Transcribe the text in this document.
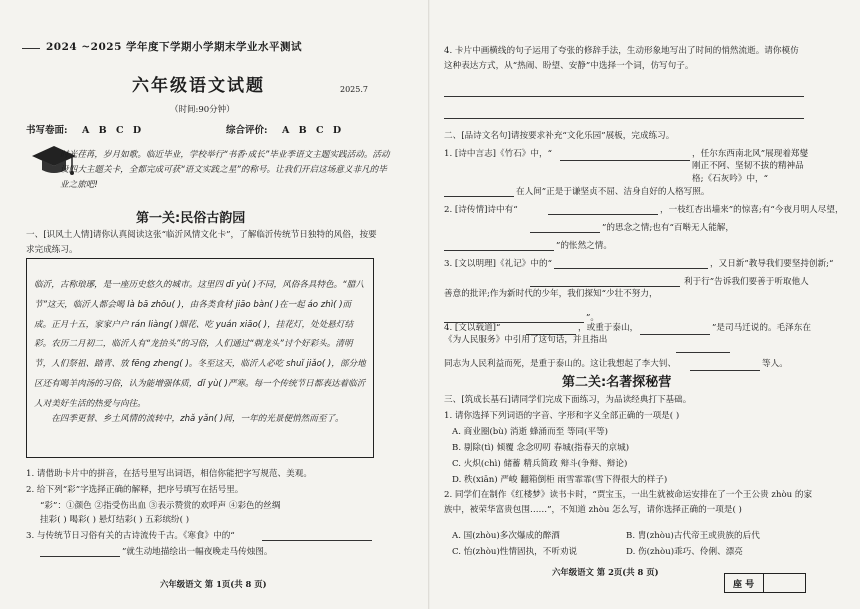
2024 ~2025 学年度下学期小学期末学业水平测试
六年级语文试题	2025.7
（时间:90分钟）
书写卷面: A B C D	综合评价: A B C D
时光荏苒，岁月如歌。临近毕业，学校举行“书香·成长”毕业季语文主题实践活动。活动设四大主题关卡，全都完成可获“语文实践之星”的称号。让我们开启这场意义非凡的毕业之旅吧!
第一关:民俗古韵园
一、[识风土人情]请你认真阅读这张“临沂风情文化卡”，了解临沂传统节日独特的风俗，按要求完成练习。
临沂，古称琅琊，是一座历史悠久的城市。这里四 dī yù( )不同，风俗各具特色。“腊八节”这天，临沂人都会喝 là bā zhōu( )，由各类食材 jiāo bàn( )在一起 áo zhì( )而成。正月十五，家家户户 rán liàng( )烟花、吃 yuán xiāo( )，挂花灯，处处悬灯结彩。农历二月初二，临沂人有“龙抬头”的习俗，人们通过“剃龙头”讨个好彩头。清明节，人们祭祖、踏青、放 fēng zheng( )。冬至这天，临沂人必吃 shuǐ jiǎo( )，部分地区还有喝羊肉汤的习俗，认为能增强体质，dǐ yù( )严寒。每一个传统节日都表达着临沂人对美好生活的热爱与向往。
在四季更替、乡土风情的流转中，zhǎ yǎn( )间，一年的光景便悄然而至了。
1. 请借助卡片中的拼音，在括号里写出词语，相信你能把字写规范、美观。
2. 给下列“彩”字选择正确的解释，把序号填写在括号里。
“彩”：①颜色 ②指受伤出血 ③表示赞赏的欢呼声 ④彩色的丝绸
挂彩( ) 喝彩( ) 悬灯结彩( ) 五彩缤纷( )
3. 与传统节日习俗有关的古诗流传千古。《寒食》中的“
”就生动地描绘出一幅夜晚走马传烛图。
六年级语文 第 1页(共 8 页)
4. 卡片中画横线的句子运用了夸张的修辞手法，生动形象地写出了时间的悄然流逝。请你模仿这种表达方式，从“热闹、盼望、安静”中选择一个词，仿写句子。
二、[品诗文名句]请按要求补充“文化乐园”展板，完成练习。
1. [诗中言志]《竹石》中，“	，任尔东西南北风”展现着郑燮刚正不阿、坚韧不拔的精神品格;《石灰吟》中，“
在人间”正是于谦坚贞不屈、洁身自好的人格写照。
2. [诗传情]诗中有“	，一枝红杏出墙来”的惊喜;有“今夜月明人尽望，
”的思念之情;也有“百啭无人能解，
”的怅然之情。
3. [文以明理]《礼记》中的“	，又日新”教导我们要坚持创新;“
利于行”告诉我们要善于听取他人善意的批评;作为新时代的少年，我们探知“少壮不努力，
”。
4. [文以载道]“	，或重于泰山，	”是司马迁说的。毛泽东在《为人民服务》中引用了这句话，并且指出
同志为人民利益而死，是重于泰山的。这让我想起了李大钊、	等人。
第二关:名著探秘营
三、[筑成长基石]请同学们完成下面练习，为品读经典打下基础。
1. 请你选择下列词语的字音、字形和字义全部正确的一项是( )
A. 商业圈(bù) 消逝 蜂涌而至 等同(平等)
B. 剔除(tì) 倾覆 念念叨叨 春城(指春天的京城)
C. 火炽(chì) 储蓄 精兵简政 辩斗(争辩、辩论)
D. 秩(xiān) 严峻 翻箱倒柜 雨雪霏霏(雪下得很大的样子)
2. 同学们在制作《红楼梦》读书卡时，“贾宝玉，一出生就被命运安排在了一个王公贵 zhòu 的家族中，被荣华富贵包围……”，不知道 zhòu 怎么写，请你选择正确的一项是( )
A. 国(zhòu)多次爆成的醉酒	B. 胄(zhòu)古代帝王或贵族的后代
C. 怡(zhòu)性情固执，不听劝说	D. 伤(zhòu)乖巧、伶俐、漂亮
六年级语文 第 2页(共 8 页)
座 号
